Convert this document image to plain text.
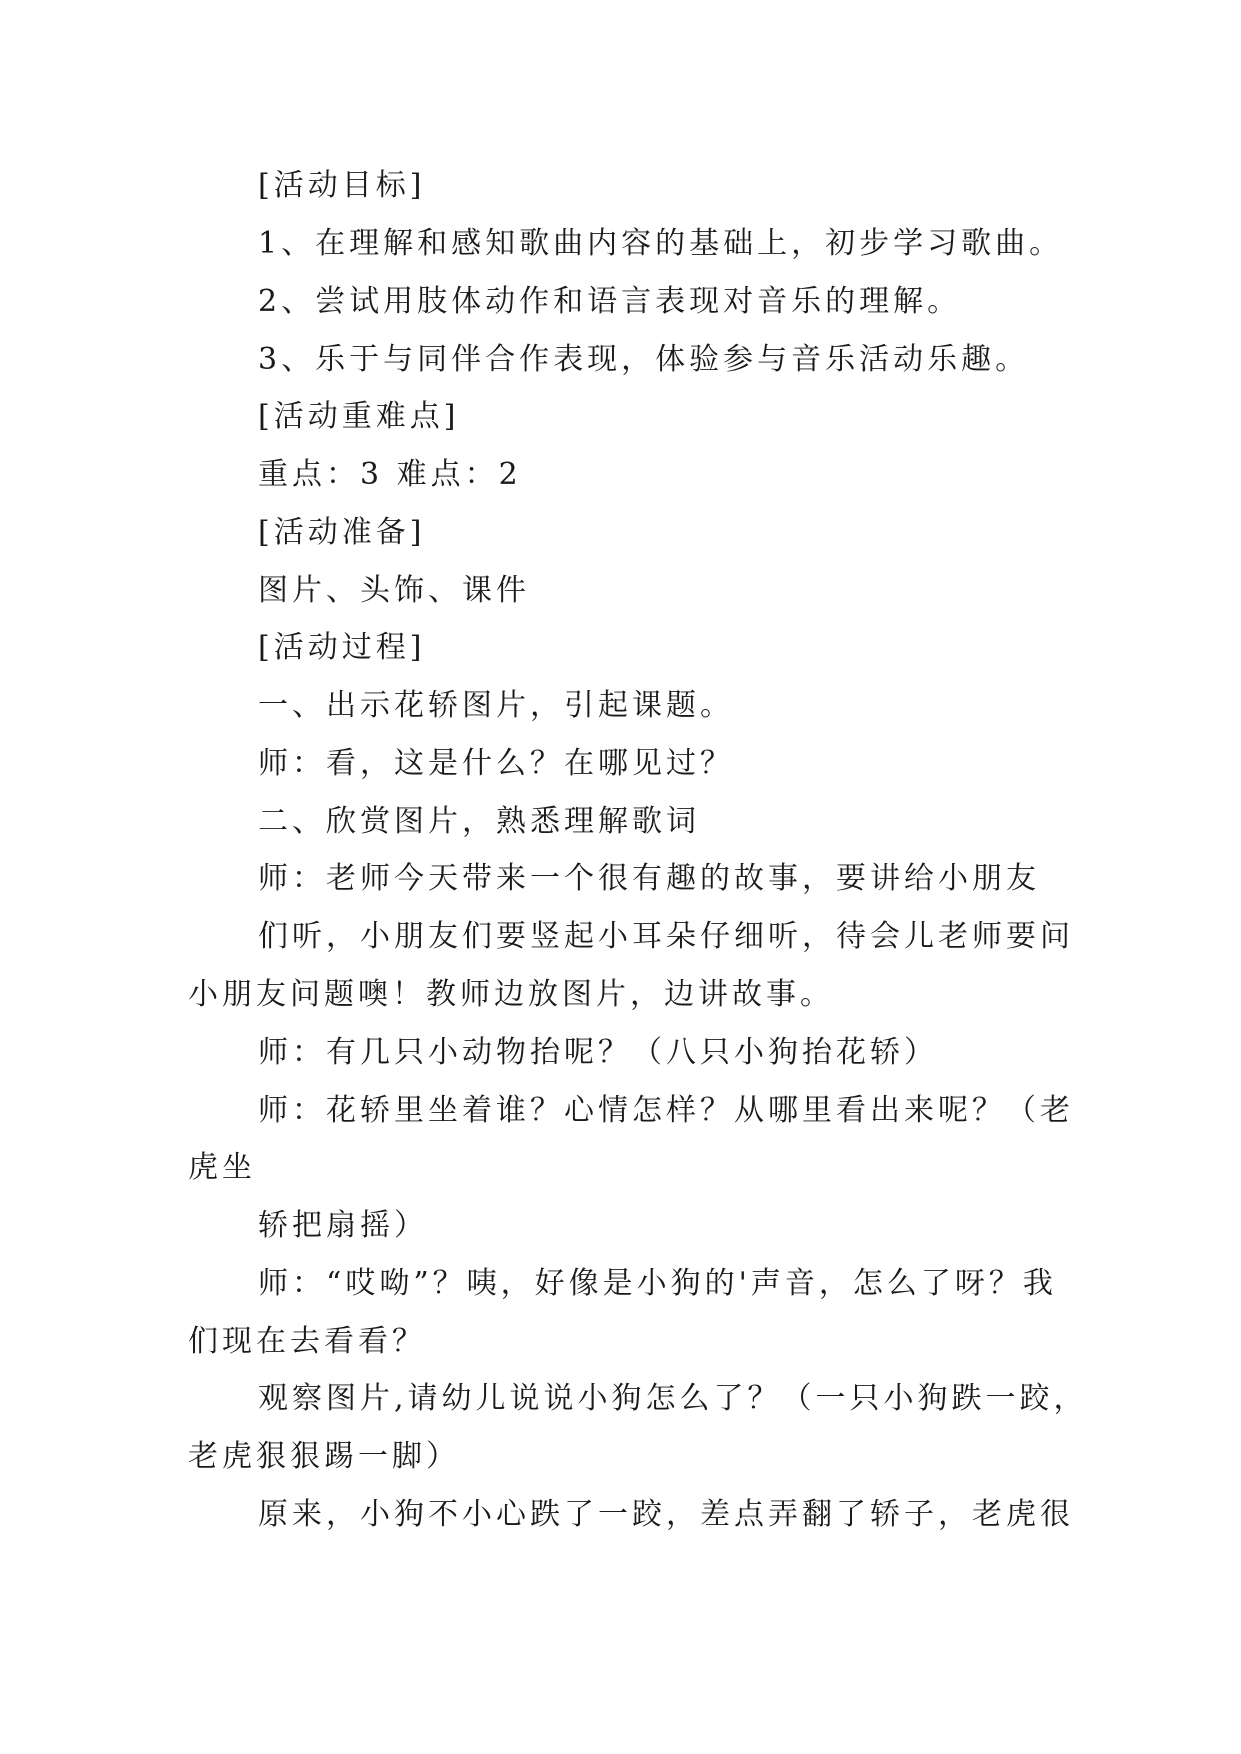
[活动目标]
1、在理解和感知歌曲内容的基础上，初步学习歌曲。
2、尝试用肢体动作和语言表现对音乐的理解。
3、乐于与同伴合作表现，体验参与音乐活动乐趣。
[活动重难点]
重点：3 难点：2
[活动准备]
图片、头饰、课件
[活动过程]
一、出示花轿图片，引起课题。
师：看，这是什么？在哪见过？
二、欣赏图片，熟悉理解歌词
师：老师今天带来一个很有趣的故事，要讲给小朋友
们听，小朋友们要竖起小耳朵仔细听，待会儿老师要问
小朋友问题噢！教师边放图片，边讲故事。
师：有几只小动物抬呢？（八只小狗抬花轿）
师：花轿里坐着谁？心情怎样？从哪里看出来呢？（老
虎坐
轿把扇摇）
师：“哎呦”？咦，好像是小狗的'声音，怎么了呀？我
们现在去看看？
观察图片,请幼儿说说小狗怎么了？（一只小狗跌一跤，
老虎狠狠踢一脚）
原来，小狗不小心跌了一跤，差点弄翻了轿子，老虎很
